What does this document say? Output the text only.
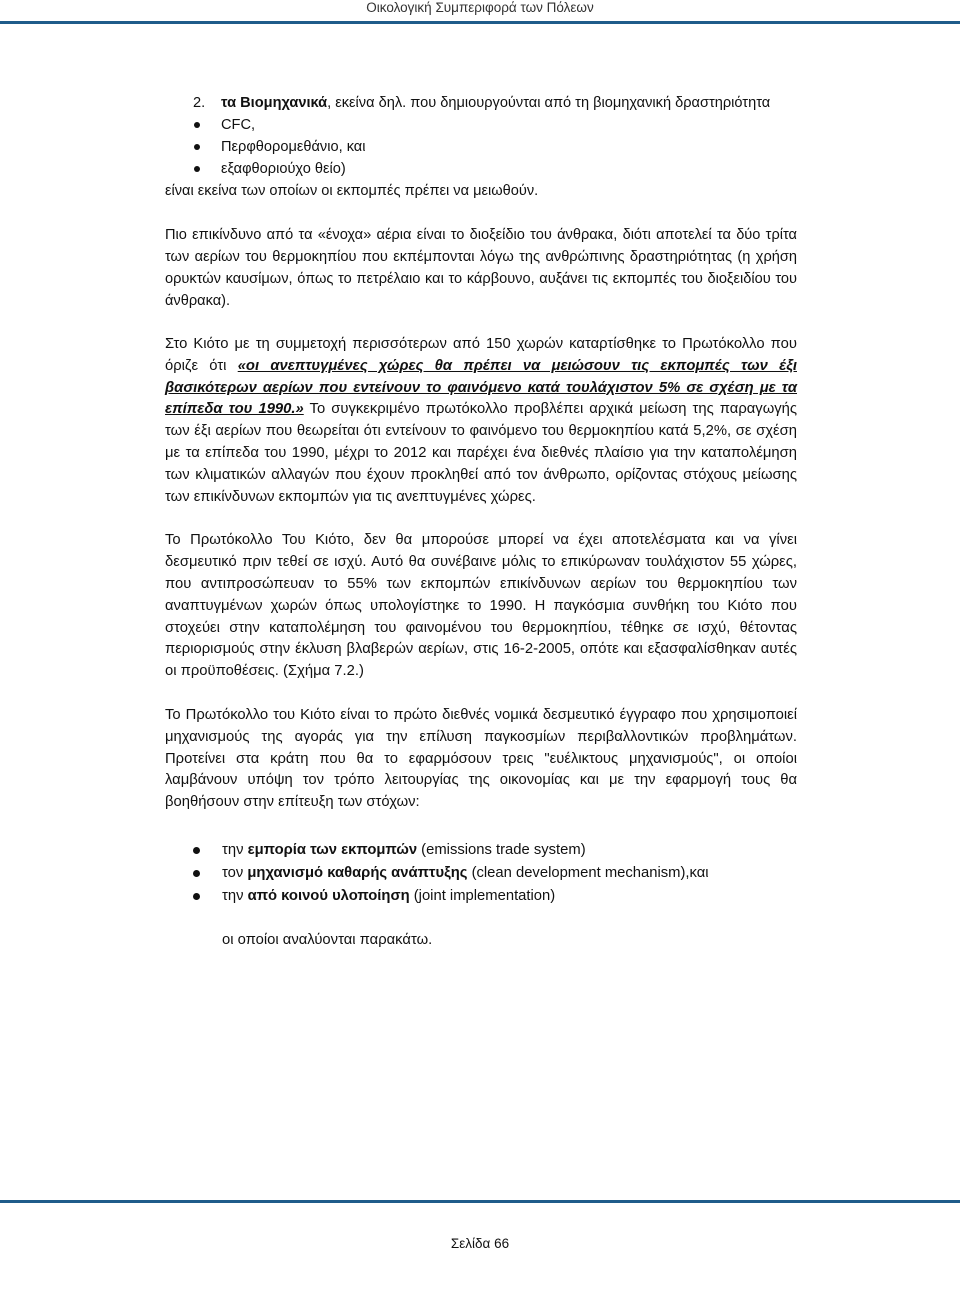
Οικολογική Συμπεριφορά των Πόλεων
2. τα Βιομηχανικά, εκείνα δηλ. που δημιουργούνται από τη βιομηχανική δραστηριότητα
CFC,
Περφθορομεθάνιο, και
εξαφθοριούχο θείο)

είναι εκείνα των οποίων οι εκπομπές πρέπει να μειωθούν.

Πιο επικίνδυνο από τα «ένοχα» αέρια είναι το διοξείδιο του άνθρακα, διότι αποτελεί τα δύο τρίτα των αερίων του θερμοκηπίου που εκπέμπονται λόγω της ανθρώπινης δραστηριότητας (η χρήση ορυκτών καυσίμων, όπως το πετρέλαιο και το κάρβουνο, αυξάνει τις εκπομπές του διοξειδίου του άνθρακα).

Στο Κιότο με τη συμμετοχή περισσότερων από 150 χωρών καταρτίσθηκε το Πρωτόκολλο που όριζε ότι «οι ανεπτυγμένες χώρες θα πρέπει να μειώσουν τις εκπομπές των έξι βασικότερων αερίων που εντείνουν το φαινόμενο κατά τουλάχιστον 5% σε σχέση με τα επίπεδα του 1990.» Το συγκεκριμένο πρωτόκολλο προβλέπει αρχικά μείωση της παραγωγής των έξι αερίων που θεωρείται ότι εντείνουν το φαινόμενο του θερμοκηπίου κατά 5,2%, σε σχέση με τα επίπεδα του 1990, μέχρι το 2012 και παρέχει ένα διεθνές πλαίσιο για την καταπολέμηση των κλιματικών αλλαγών που έχουν προκληθεί από τον άνθρωπο, ορίζοντας στόχους μείωσης των επικίνδυνων εκπομπών για τις ανεπτυγμένες χώρες.

Το Πρωτόκολλο Του Κιότο, δεν θα μπορούσε μπορεί να έχει αποτελέσματα και να γίνει δεσμευτικό πριν τεθεί σε ισχύ. Αυτό θα συνέβαινε μόλις το επικύρωναν τουλάχιστον 55 χώρες, που αντιπροσώπευαν το 55% των εκπομπών επικίνδυνων αερίων του θερμοκηπίου των αναπτυγμένων χωρών όπως υπολογίστηκε το 1990. Η παγκόσμια συνθήκη του Κιότο που στοχεύει στην καταπολέμηση του φαινομένου του θερμοκηπίου, τέθηκε σε ισχύ, θέτοντας περιορισμούς στην έκλυση βλαβερών αερίων, στις 16-2-2005, οπότε και εξασφαλίσθηκαν αυτές οι προϋποθέσεις. (Σχήμα 7.2.)

Το Πρωτόκολλο του Κιότο είναι το πρώτο διεθνές νομικά δεσμευτικό έγγραφο που χρησιμοποιεί μηχανισμούς της αγοράς για την επίλυση παγκοσμίων περιβαλλοντικών προβλημάτων. Προτείνει στα κράτη που θα το εφαρμόσουν τρεις "ευέλικτους μηχανισμούς", οι οποίοι λαμβάνουν υπόψη τον τρόπο λειτουργίας της οικονομίας και με την εφαρμογή τους θα βοηθήσουν στην επίτευξη των στόχων:

την εμπορία των εκπομπών (emissions trade system)
τον μηχανισμό καθαρής ανάπτυξης (clean development mechanism),και
την από κοινού υλοποίηση (joint implementation)

οι οποίοι αναλύονται παρακάτω.

Σελίδα 66
